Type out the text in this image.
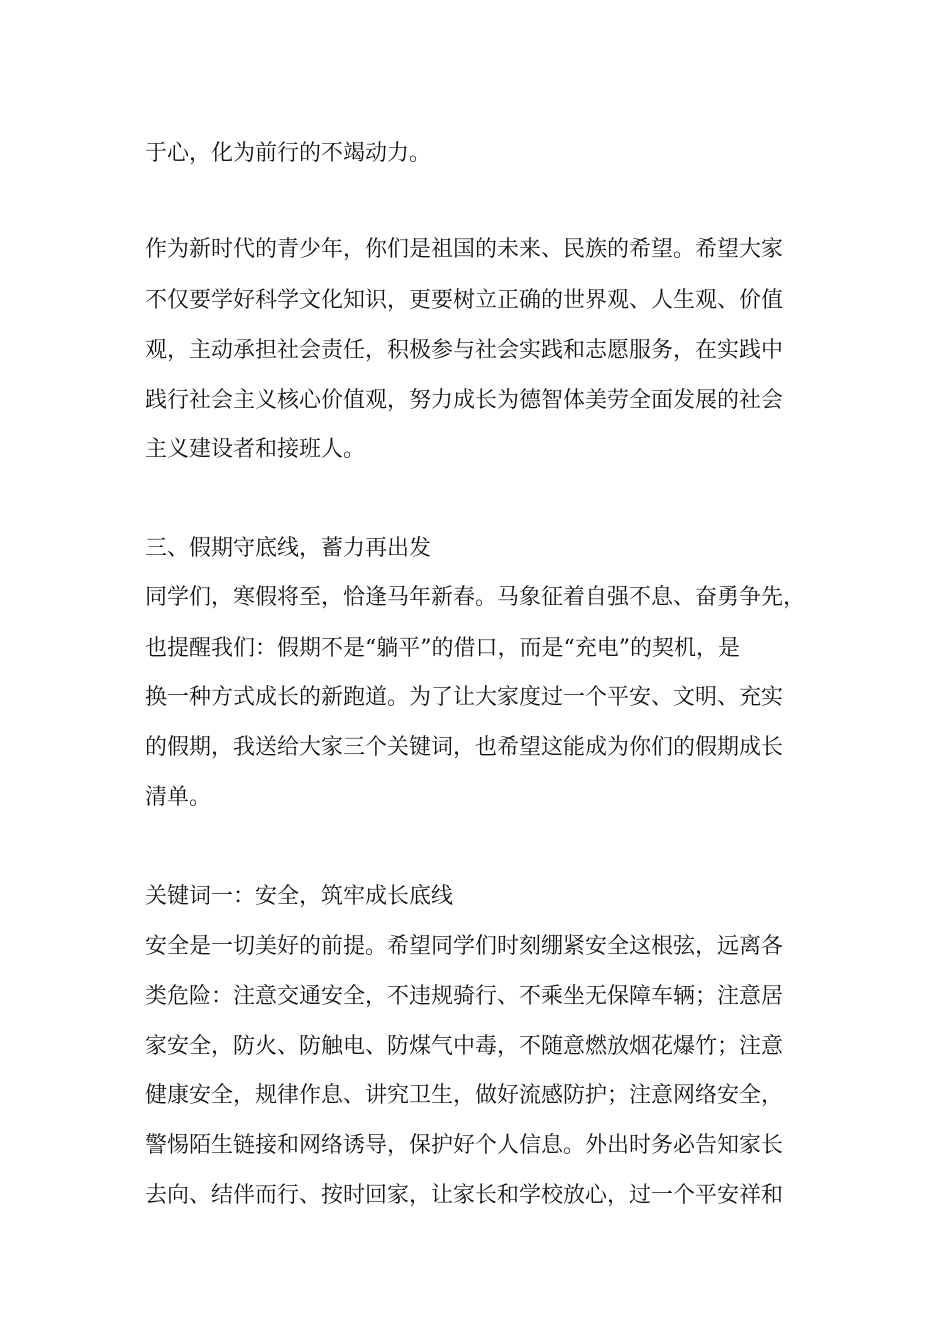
于心，化为前行的不竭动力。
作为新时代的青少年，你们是祖国的未来、民族的希望。希望大家
不仅要学好科学文化知识，更要树立正确的世界观、人生观、价值
观，主动承担社会责任，积极参与社会实践和志愿服务，在实践中
践行社会主义核心价值观，努力成长为德智体美劳全面发展的社会
主义建设者和接班人。
三、假期守底线，蓄力再出发
同学们，寒假将至，恰逢马年新春。马象征着自强不息、奋勇争先，
也提醒我们：假期不是“躺平”的借口，而是“充电”的契机，是
换一种方式成长的新跑道。为了让大家度过一个平安、文明、充实
的假期，我送给大家三个关键词，也希望这能成为你们的假期成长
清单。
关键词一：安全，筑牢成长底线
安全是一切美好的前提。希望同学们时刻绷紧安全这根弦，远离各
类危险：注意交通安全，不违规骑行、不乘坐无保障车辆；注意居
家安全，防火、防触电、防煤气中毒，不随意燃放烟花爆竹；注意
健康安全，规律作息、讲究卫生，做好流感防护；注意网络安全，
警惕陌生链接和网络诱导，保护好个人信息。外出时务必告知家长
去向、结伴而行、按时回家，让家长和学校放心，过一个平安祥和
